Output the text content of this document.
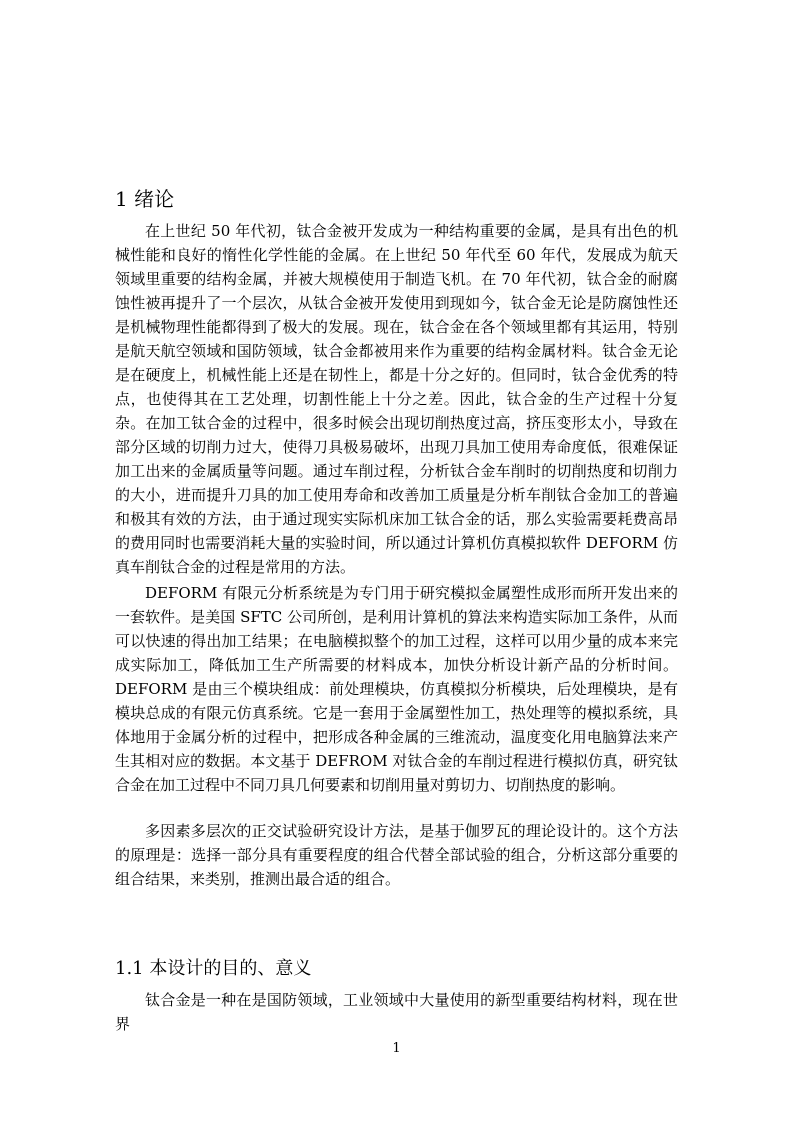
1 绪论

在上世纪 50 年代初，钛合金被开发成为一种结构重要的金属，是具有出色的机械性能和良好的惰性化学性能的金属。在上世纪 50 年代至 60 年代，发展成为航天领域里重要的结构金属，并被大规模使用于制造飞机。在 70 年代初，钛合金的耐腐蚀性被再提升了一个层次，从钛合金被开发使用到现如今，钛合金无论是防腐蚀性还是机械物理性能都得到了极大的发展。现在，钛合金在各个领域里都有其运用，特别是航天航空领域和国防领域，钛合金都被用来作为重要的结构金属材料。钛合金无论是在硬度上，机械性能上还是在韧性上，都是十分之好的。但同时，钛合金优秀的特点，也使得其在工艺处理，切割性能上十分之差。因此，钛合金的生产过程十分复杂。在加工钛合金的过程中，很多时候会出现切削热度过高，挤压变形太小，导致在部分区域的切削力过大，使得刀具极易破坏，出现刀具加工使用寿命度低，很难保证加工出来的金属质量等问题。通过车削过程，分析钛合金车削时的切削热度和切削力的大小，进而提升刀具的加工使用寿命和改善加工质量是分析车削钛合金加工的普遍和极其有效的方法，由于通过现实实际机床加工钛合金的话，那么实验需要耗费高昂的费用同时也需要消耗大量的实验时间，所以通过计算机仿真模拟软件 DEFORM 仿真车削钛合金的过程是常用的方法。

DEFORM 有限元分析系统是为专门用于研究模拟金属塑性成形而所开发出来的一套软件。是美国 SFTC 公司所创，是利用计算机的算法来构造实际加工条件，从而可以快速的得出加工结果；在电脑模拟整个的加工过程，这样可以用少量的成本来完成实际加工，降低加工生产所需要的材料成本，加快分析设计新产品的分析时间。DEFORM 是由三个模块组成：前处理模块，仿真模拟分析模块，后处理模块，是有模块总成的有限元仿真系统。它是一套用于金属塑性加工，热处理等的模拟系统，具体地用于金属分析的过程中，把形成各种金属的三维流动，温度变化用电脑算法来产生其相对应的数据。本文基于 DEFROM 对钛合金的车削过程进行模拟仿真，研究钛合金在加工过程中不同刀具几何要素和切削用量对剪切力、切削热度的影响。

多因素多层次的正交试验研究设计方法，是基于伽罗瓦的理论设计的。这个方法的原理是：选择一部分具有重要程度的组合代替全部试验的组合，分析这部分重要的组合结果，来类别，推测出最合适的组合。

1.1 本设计的目的、意义

钛合金是一种在是国防领域，工业领域中大量使用的新型重要结构材料，现在世界

1
